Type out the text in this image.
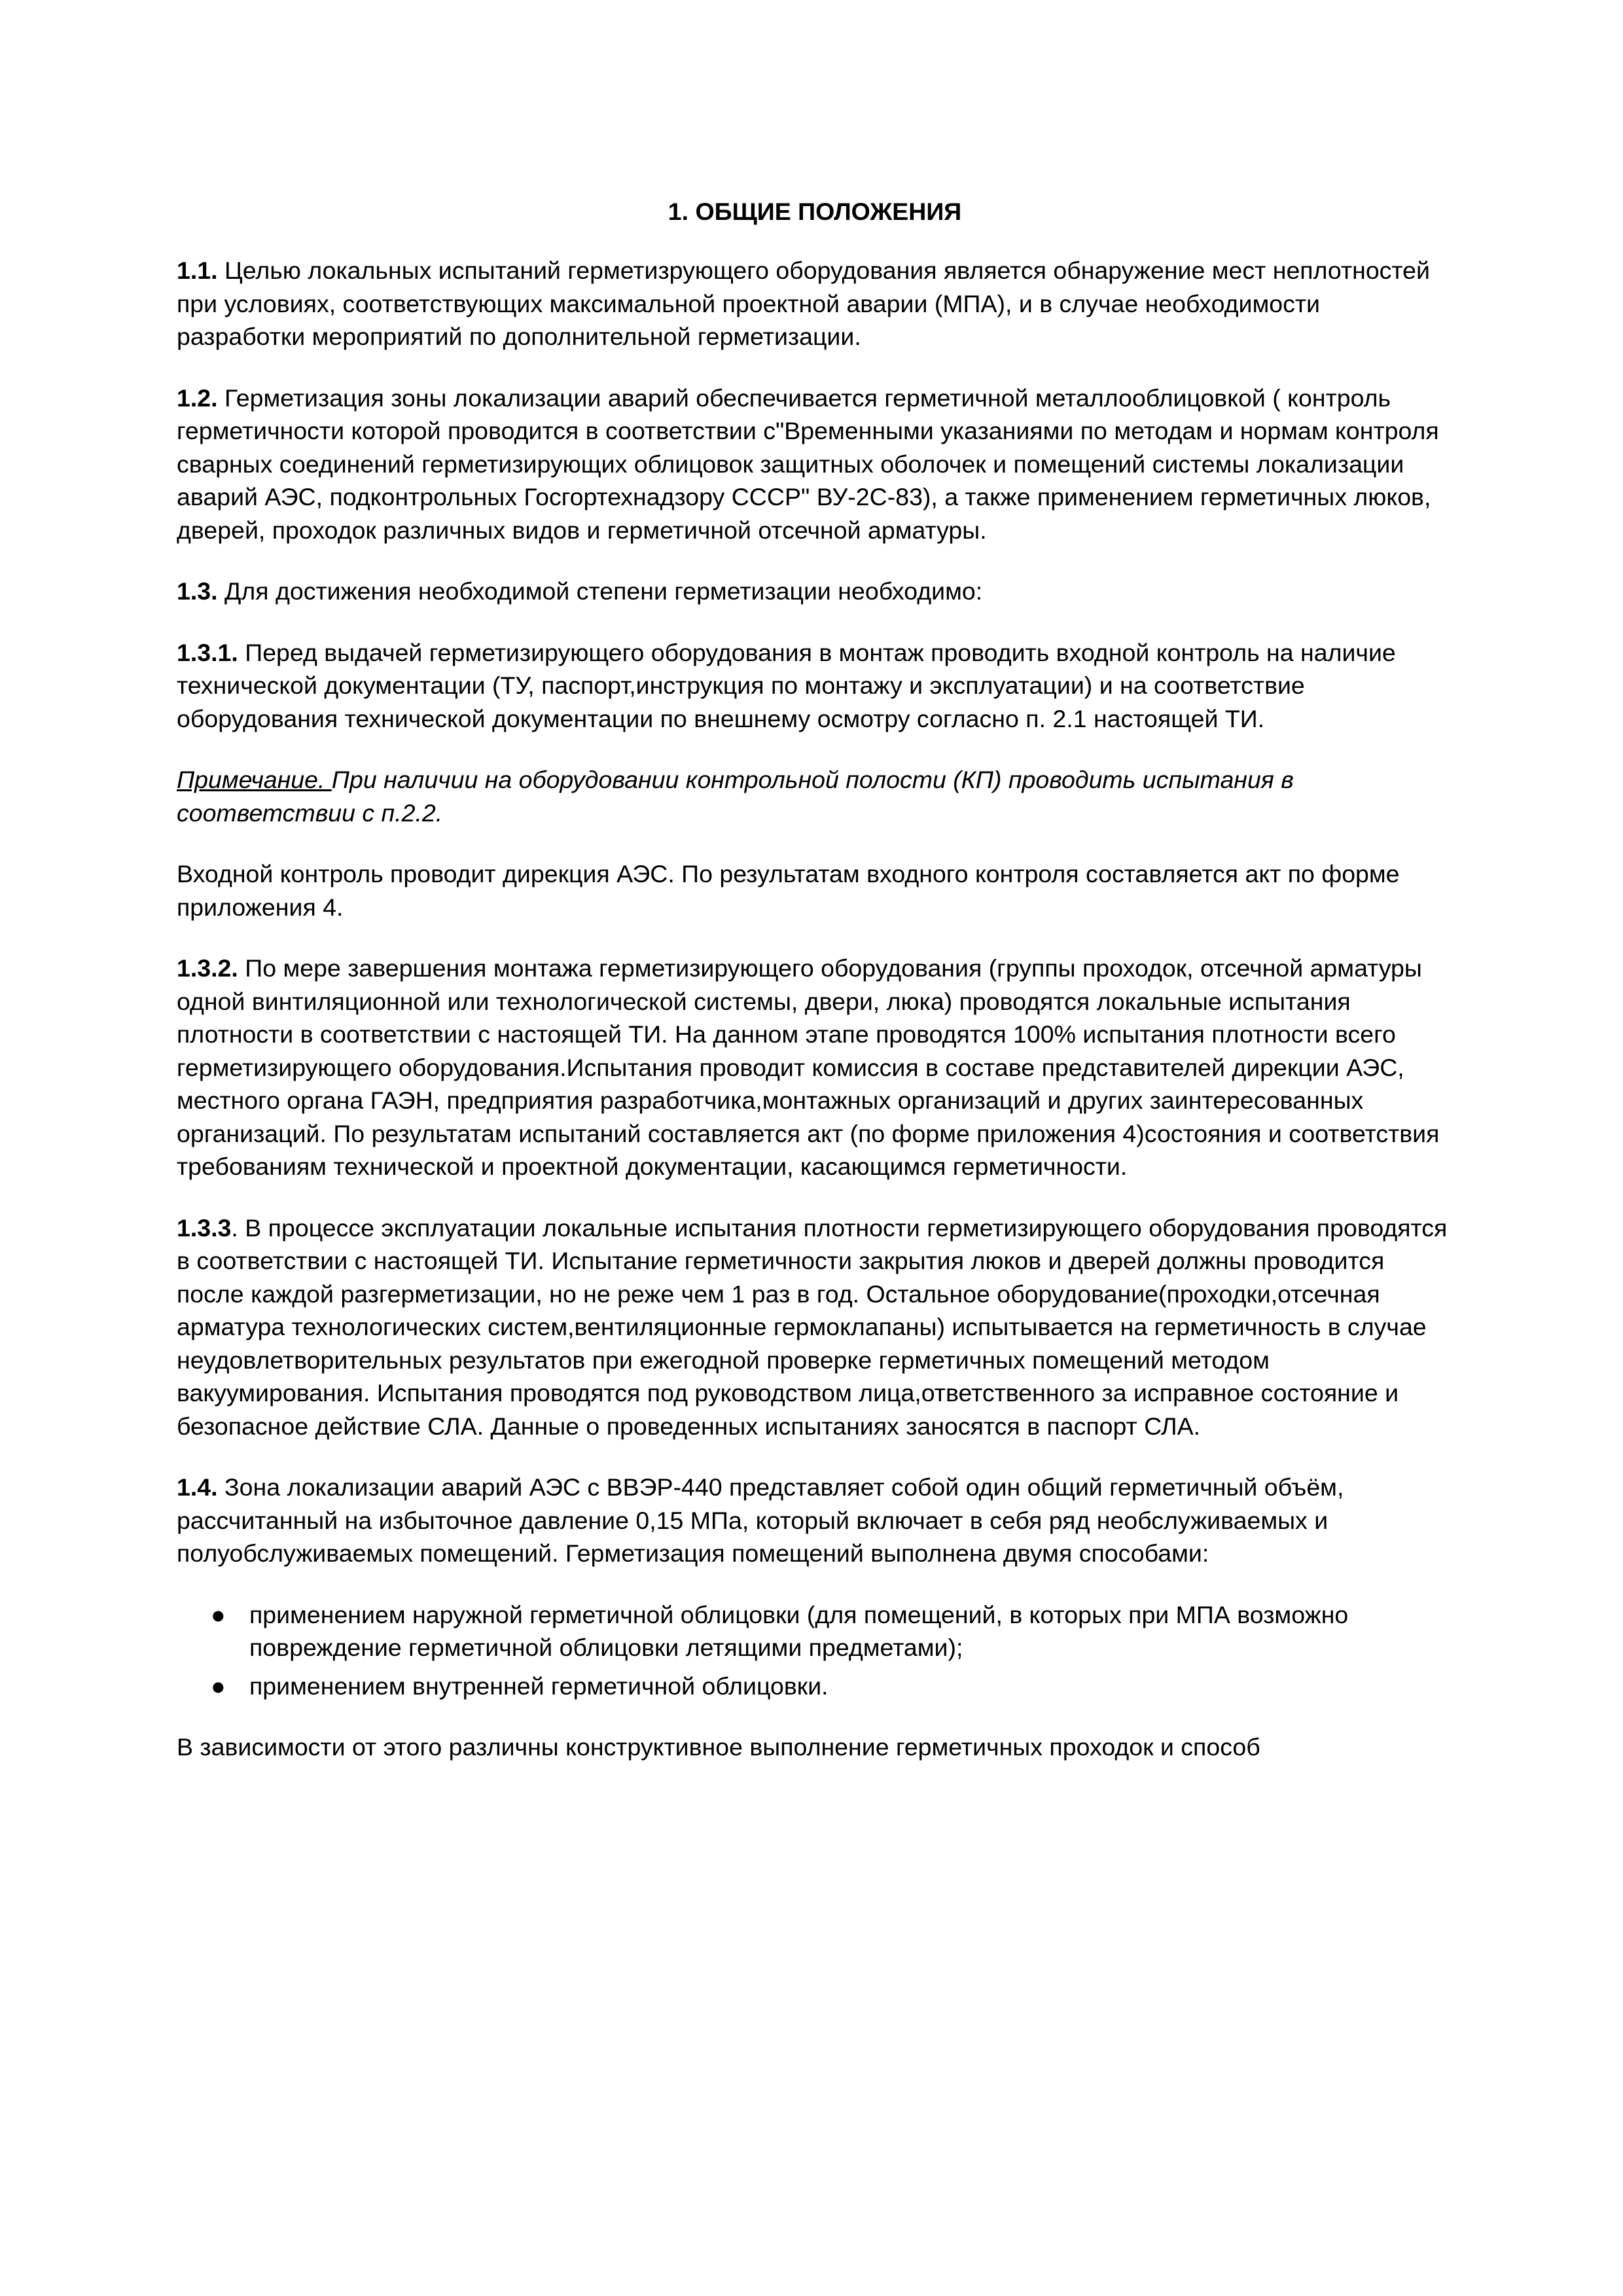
1. ОБЩИЕ ПОЛОЖЕНИЯ

1.1. Целью локальных испытаний герметизрующего оборудования является обнаружение мест неплотностей при условиях, соответствующих максимальной проектной аварии (МПА), и в случае необходимости разработки мероприятий по дополнительной герметизации.

1.2. Герметизация зоны локализации аварий обеспечивается герметичной металлооблицовкой ( контроль герметичности которой проводится в соответствии с"Временными указаниями по методам и нормам контроля сварных соединений герметизирующих облицовок защитных оболочек и помещений системы локализации аварий АЭС, подконтрольных Госгортехнадзору СССР" ВУ-2С-83), а также применением герметичных люков, дверей, проходок различных видов и герметичной отсечной арматуры.

1.3. Для достижения необходимой степени герметизации необходимо:

1.3.1. Перед выдачей герметизирующего оборудования в монтаж проводить входной контроль на наличие технической документации (ТУ, паспорт,инструкция по монтажу и эксплуатации) и на соответствие оборудования технической документации по внешнему осмотру согласно п. 2.1 настоящей ТИ.

Примечание. При наличии на оборудовании контрольной полости (КП) проводить испытания в соответствии с п.2.2.

Входной контроль проводит дирекция АЭС. По результатам входного контроля составляется акт по форме приложения 4.

1.3.2. По мере завершения монтажа герметизирующего оборудования (группы проходок, отсечной арматуры одной винтиляционной или технологической системы, двери, люка) проводятся локальные испытания плотности в соответствии с настоящей ТИ. На данном этапе проводятся 100% испытания плотности всего герметизирующего оборудования.Испытания проводит комиссия в составе представителей дирекции АЭС, местного органа ГАЭН, предприятия разработчика,монтажных организаций и других заинтересованных организаций. По результатам испытаний составляется акт (по форме приложения 4)состояния и соответствия требованиям технической и проектной документации, касающимся герметичности.

1.3.3. В процессе эксплуатации локальные испытания плотности герметизирующего оборудования проводятся в соответствии с настоящей ТИ. Испытание герметичности закрытия люков и дверей должны проводится после каждой разгерметизации, но не реже чем 1 раз в год. Остальное оборудование(проходки,отсечная арматура технологических систем,вентиляционные гермоклапаны) испытывается на герметичность в случае неудовлетворительных результатов при ежегодной проверке герметичных помещений методом вакуумирования. Испытания проводятся под руководством лица,ответственного за исправное состояние и безопасное действие СЛА. Данные о проведенных испытаниях заносятся в паспорт СЛА.

1.4. Зона локализации аварий АЭС с ВВЭР-440 представляет собой один общий герметичный объём, рассчитанный на избыточное давление 0,15 МПа, который включает в себя ряд необслуживаемых и полуобслуживаемых помещений. Герметизация помещений выполнена двумя способами:

● применением наружной герметичной облицовки (для помещений, в которых при МПА возможно повреждение герметичной облицовки летящими предметами);
● применением внутренней герметичной облицовки.

В зависимости от этого различны конструктивное выполнение герметичных проходок и способ
